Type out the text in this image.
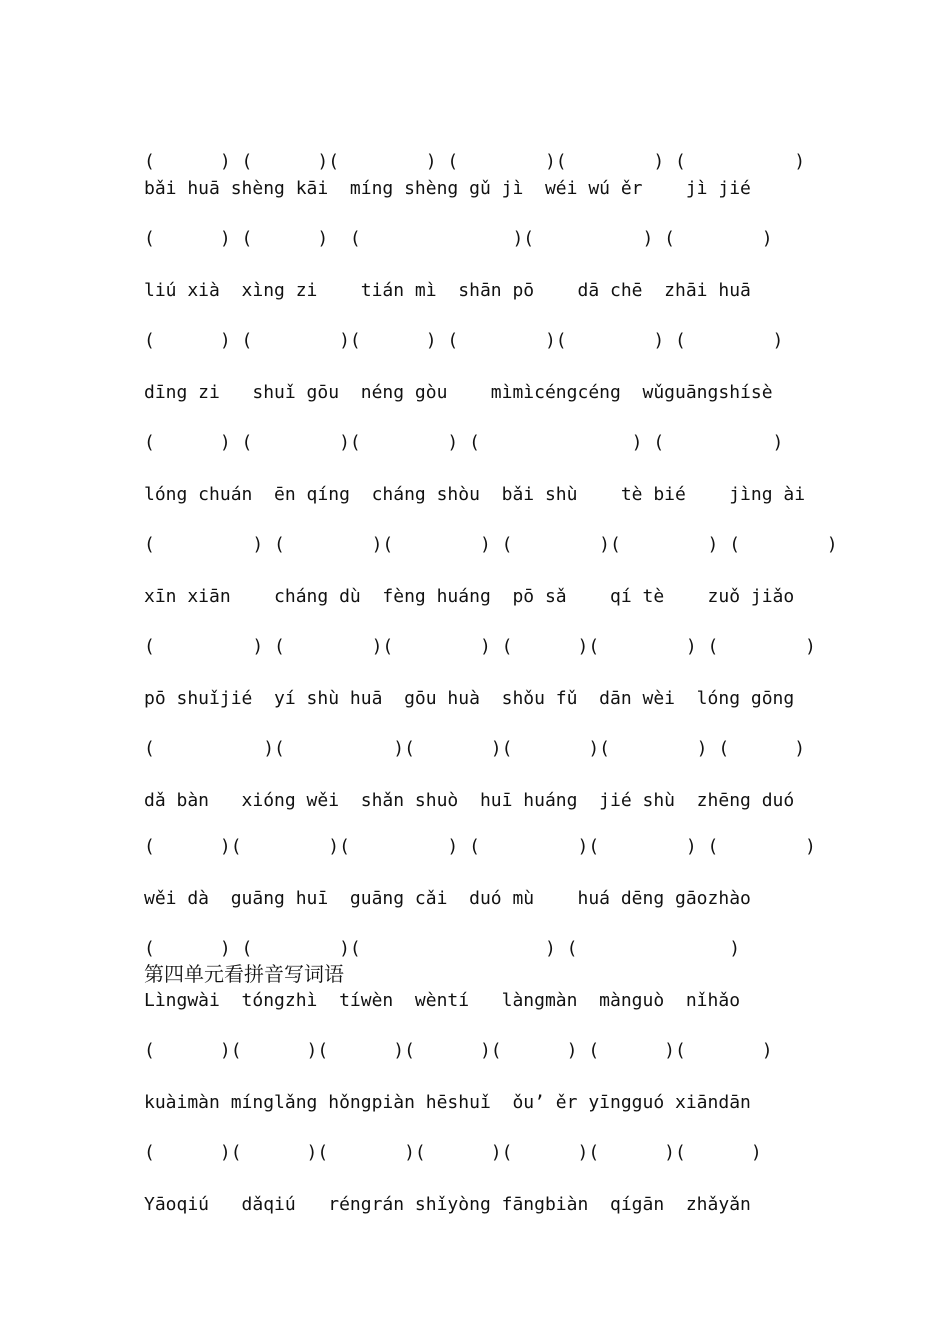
(      ) (      )(        ) (        )(        ) (          )
bǎi huā shèng kāi  míng shèng gǔ jì  wéi wú ěr    jì jié
(      ) (      )  (              )(          ) (        )
liú xià  xìng zi    tián mì  shān pō    dā chē  zhāi huā
(      ) (        )(      ) (        )(        ) (        )
dīng zi   shuǐ gōu  néng gòu    mìmìcéngcéng  wǔguāngshísè
(      ) (        )(        ) (              ) (          )
lóng chuán  ēn qíng  cháng shòu  bǎi shù    tè bié    jìng ài
(         ) (        )(        ) (        )(        ) (        )
xīn xiān    cháng dù  fèng huáng  pō sǎ    qí tè    zuǒ jiǎo
(         ) (        )(        ) (      )(        ) (        )
pō shuǐjié  yí shù huā  gōu huà  shǒu fǔ  dān wèi  lóng gōng
(          )(          )(       )(       )(        ) (      )
dǎ bàn   xióng wěi  shǎn shuò  huī huáng  jié shù  zhēng duó
(      )(        )(         ) (         )(        ) (        )
wěi dà  guāng huī  guāng cǎi  duó mù    huá dēng gāozhào
(      ) (        )(                 ) (              )
第四单元看拼音写词语
Lìngwài  tóngzhì  tíwèn  wèntí   làngmàn  mànguò  nǐhǎo
(      )(      )(      )(      )(      ) (      )(       )
kuàimàn mínglǎng hǒngpiàn hēshuǐ  ǒu’ ěr yīngguó xiāndān
(      )(      )(       )(      )(      )(      )(      )
Yāoqiú   dǎqiú   réngrán shǐyòng fāngbiàn  qígān  zhǎyǎn
